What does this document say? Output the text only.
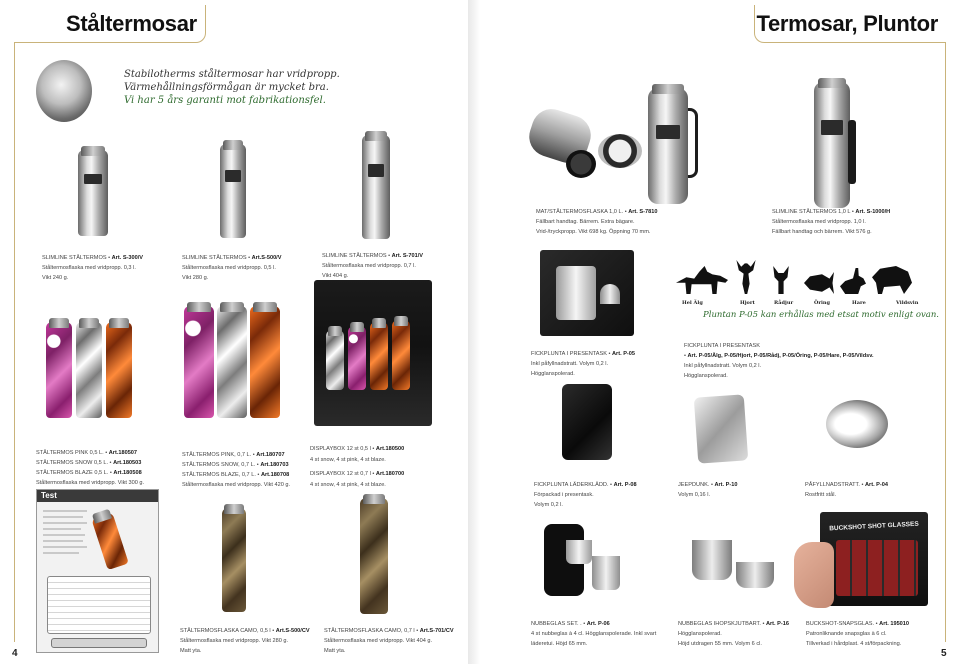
Ståltermosar
Stabilotherms ståltermosar har vridpropp.
Värmehållningsförmågan är mycket bra.
Vi har 5 års garanti mot fabrikationsfel.
SLIMLINE STÅLTERMOS • Art. S-300/V
Ståltermosflaska med vridpropp. 0,3 l.
Vikt 240 g.
SLIMLINE STÅLTERMOS • Art.S-500/V
Ståltermosflaska med vridpropp. 0,5 l.
Vikt 280 g.
SLIMLINE STÅLTERMOS • Art. S-701/V
Ståltermosflaska med vridpropp. 0,7 l.
Vikt 404 g.
STÅLTERMOS PINK 0,5 L. • Art.180507
STÅLTERMOS SNOW 0,5 L. • Art.180503
STÅLTERMOS BLAZE 0,5 L. • Art.180508
Ståltermosflaska med vridpropp. Vikt 300 g.
STÅLTERMOS PINK, 0,7 L. • Art.180707
STÅLTERMOS SNOW, 0,7 L. • Art.180703
STÅLTERMOS BLAZE, 0,7 L. • Art.180708
Ståltermosflaska med vridpropp. Vikt 420 g.
DISPLAYBOX 12 st 0,5 l • Art.180500
4 st snow, 4 st pink, 4 st blaze.
DISPLAYBOX 12 st 0,7 l • Art.180700
4 st snow, 4 st pink, 4 st blaze.
Test
STÅLTERMOSFLASKA CAMO, 0,5 l • Art.S-500/CV
Ståltermosflaska med vridpropp. Vikt 280 g.
Matt yta.
STÅLTERMOSFLASKA CAMO, 0,7 l • Art.S-701/CV
Ståltermosflaska med vridpropp. Vikt 404 g.
Matt yta.
4
Termosar, Pluntor
MAT/STÅLTERMOSFLASKA 1,0 L. • Art. S-7810
Fällbart handtag. Bärrem. Extra bägare.
Vrid-/tryckpropp. Vikt 698 kg. Öppning 70 mm.
SLIMLINE STÅLTERMOS 1,0 L • Art. S-1000/H
Ståltermosflaska med vridpropp. 1,0 l.
Fällbart handtag och bärrem. Vikt 576 g.
Hel Älg	Hjort	Rådjur	Öring	Hare	Vildsvin
Pluntan P-05 kan erhållas med etsat motiv enligt ovan.
FICKPLUNTA I PRESENTASK • Art. P-05
Inkl påfyllnadstratt. Volym 0,2 l.
Högglanspolerad.
FICKPLUNTA I PRESENTASK
• Art. P-05/Älg, P-05/Hjort, P-05/Rådj, P-05/Öring, P-05/Hare, P-05/Vildsv.
Inkl påfyllnadstratt. Volym 0,2 l.
Högglanspolerad.
FICKPLUNTA LÄDERKLÄDD. • Art. P-08
Förpackad i presentask.
Volym 0,2 l.
JEEPDUNK. • Art. P-10
Volym 0,16 l.
PÅFYLLNADSTRATT. • Art. P-04
Rostfritt stål.
BUCKSHOT SHOT GLASSES
NUBBEGLAS SET. . • Art. P-06
4 st nubbeglas à 4 cl. Högglanspolerade. Inkl svart
läderetui. Höjd 65 mm.
NUBBEGLAS IHOPSKJUTBART. • Art. P-16
Högglanspolerad.
Höjd utdragen 55 mm. Volym 6 cl.
BUCKSHOT-SNAPSGLAS. • Art. 195010
Patronliknande snapsglas à 6 cl.
Tillverkad i hårdplast. 4 st/förpackning.
5
